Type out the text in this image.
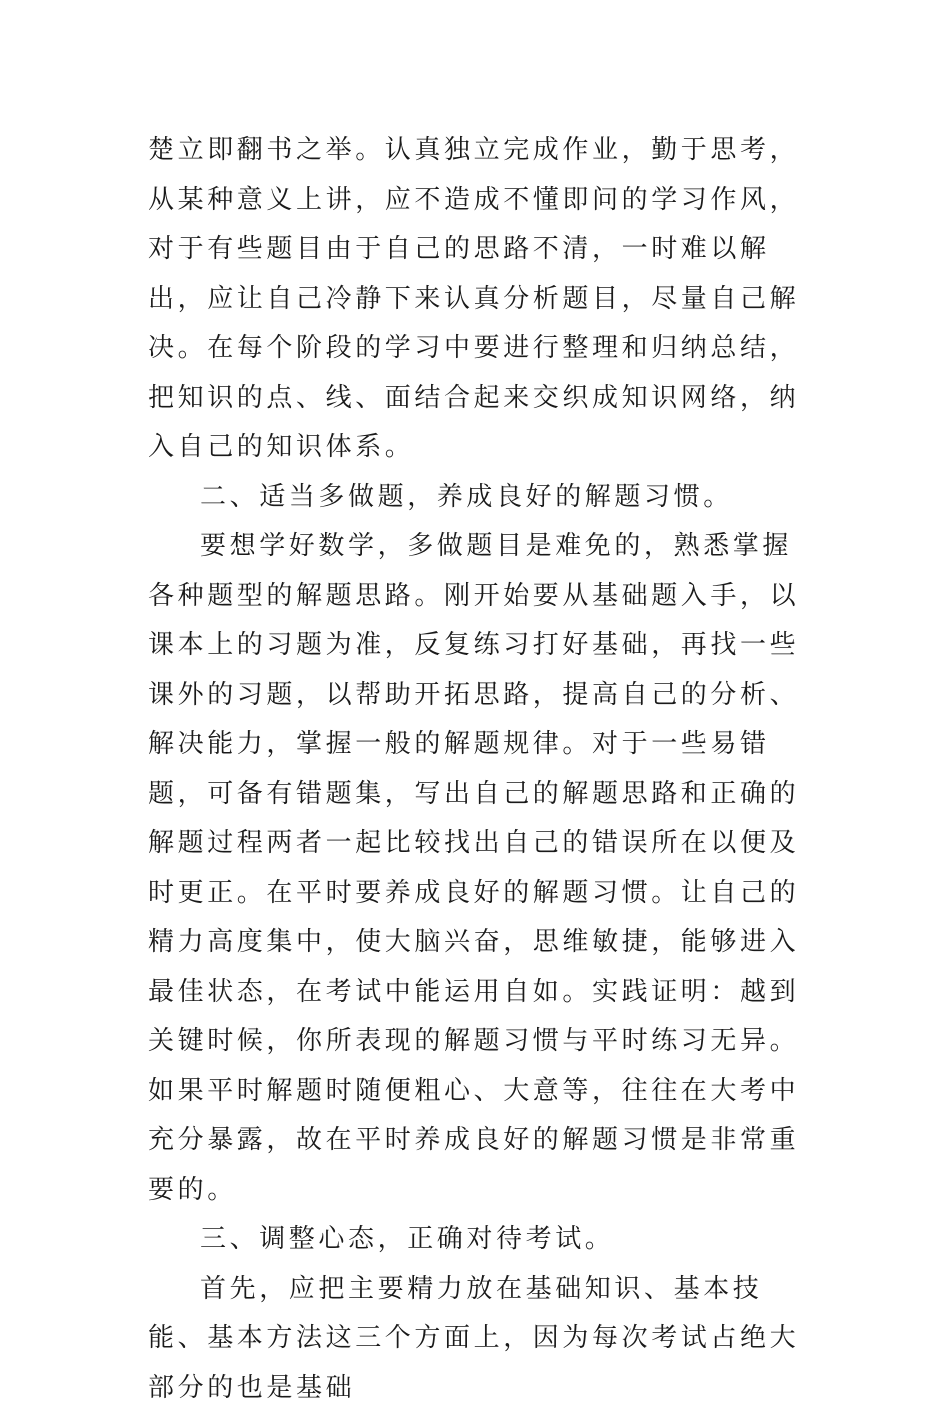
楚立即翻书之举。认真独立完成作业，勤于思考，从某种意义上讲，应不造成不懂即问的学习作风，对于有些题目由于自己的思路不清，一时难以解出，应让自己冷静下来认真分析题目，尽量自己解决。在每个阶段的学习中要进行整理和归纳总结，把知识的点、线、面结合起来交织成知识网络，纳入自己的知识体系。

二、适当多做题，养成良好的解题习惯。

要想学好数学，多做题目是难免的，熟悉掌握各种题型的解题思路。刚开始要从基础题入手，以课本上的习题为准，反复练习打好基础，再找一些课外的习题，以帮助开拓思路，提高自己的分析、解决能力，掌握一般的解题规律。对于一些易错题，可备有错题集，写出自己的解题思路和正确的解题过程两者一起比较找出自己的错误所在以便及时更正。在平时要养成良好的解题习惯。让自己的精力高度集中，使大脑兴奋，思维敏捷，能够进入最佳状态，在考试中能运用自如。实践证明：越到关键时候，你所表现的解题习惯与平时练习无异。如果平时解题时随便粗心、大意等，往往在大考中充分暴露，故在平时养成良好的解题习惯是非常重要的。

三、调整心态，正确对待考试。

首先，应把主要精力放在基础知识、基本技能、基本方法这三个方面上，因为每次考试占绝大部分的也是基础
